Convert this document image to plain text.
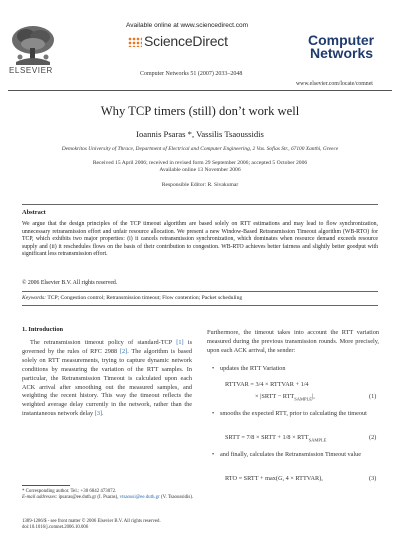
Available online at www.sciencedirect.com
ScienceDirect
ELSEVIER	Computer Networks 51 (2007) 2033–2048
Computer
Networks
www.elsevier.com/locate/comnet
Why TCP timers (still) don’t work well
Ioannis Psaras *, Vassilis Tsaoussidis
Demokritos University of Thrace, Department of Electrical and Computer Engineering, 2 Vas. Sofias Str., 67100 Xanthi, Greece
Received 15 April 2006; received in revised form 29 September 2006; accepted 5 October 2006
Available online 13 November 2006
Responsible Editor: R. Sivakumar
Abstract
We argue that the design principles of the TCP timeout algorithm are based solely on RTT estimations and may lead to flow synchronization, unnecessary retransmission effort and unfair resource allocation. We present a new Window-Based Retransmission Timeout algorithm (WB-RTO) for TCP, which exhibits two major properties: (i) it cancels retransmission synchronization, which dominates when resource demand exceeds resource supply and (ii) it reschedules flows on the basis of their contribution to congestion. WB-RTO achieves better fairness and slightly better goodput with significant less retransmission effort.
© 2006 Elsevier B.V. All rights reserved.
Keywords: TCP; Congestion control; Retransmission timeout; Flow contention; Packet scheduling
1. Introduction
The retransmission timeout policy of standard-TCP [1] is governed by the rules of RFC 2988 [2]. The algorithm is based solely on RTT measurements, trying to capture dynamic network conditions by measuring the variation of the RTT samples. In particular, the Retransmission Timeout is calculated upon each ACK arrival after smoothing out the measured samples, and weighting the recent history. This way the timeout reflects the weighted average delay currently in the network, rather than the instantaneous network delay [3].
* Corresponding author. Tel.: +30 6842 473072.
E-mail addresses: ipsaras@ee.duth.gr (I. Psaras), vtsaousi@ee.duth.gr (V. Tsaoussidis).
1389-1286/$ - see front matter © 2006 Elsevier B.V. All rights reserved.
doi:10.1016/j.comnet.2006.10.006
Furthermore, the timeout takes into account the RTT variation measured during the previous transmission rounds. More precisely, upon each ACK arrival, the sender:
• updates the RTT Variation
RTTVAR = 3/4 × RTTVAR + 1/4
× |SRTT − $RTT_{SAMPLE}|$,	(1)
• smooths the expected RTT, prior to calculating the timeout
SRTT = 7/8 × SRTT + $1/8 \times RTT_{SAMPLE}$	(2)
• and finally, calculates the Retransmission Timeout value
RTO = SRTT + max(G, 4 × RTTVAR),	(3)
